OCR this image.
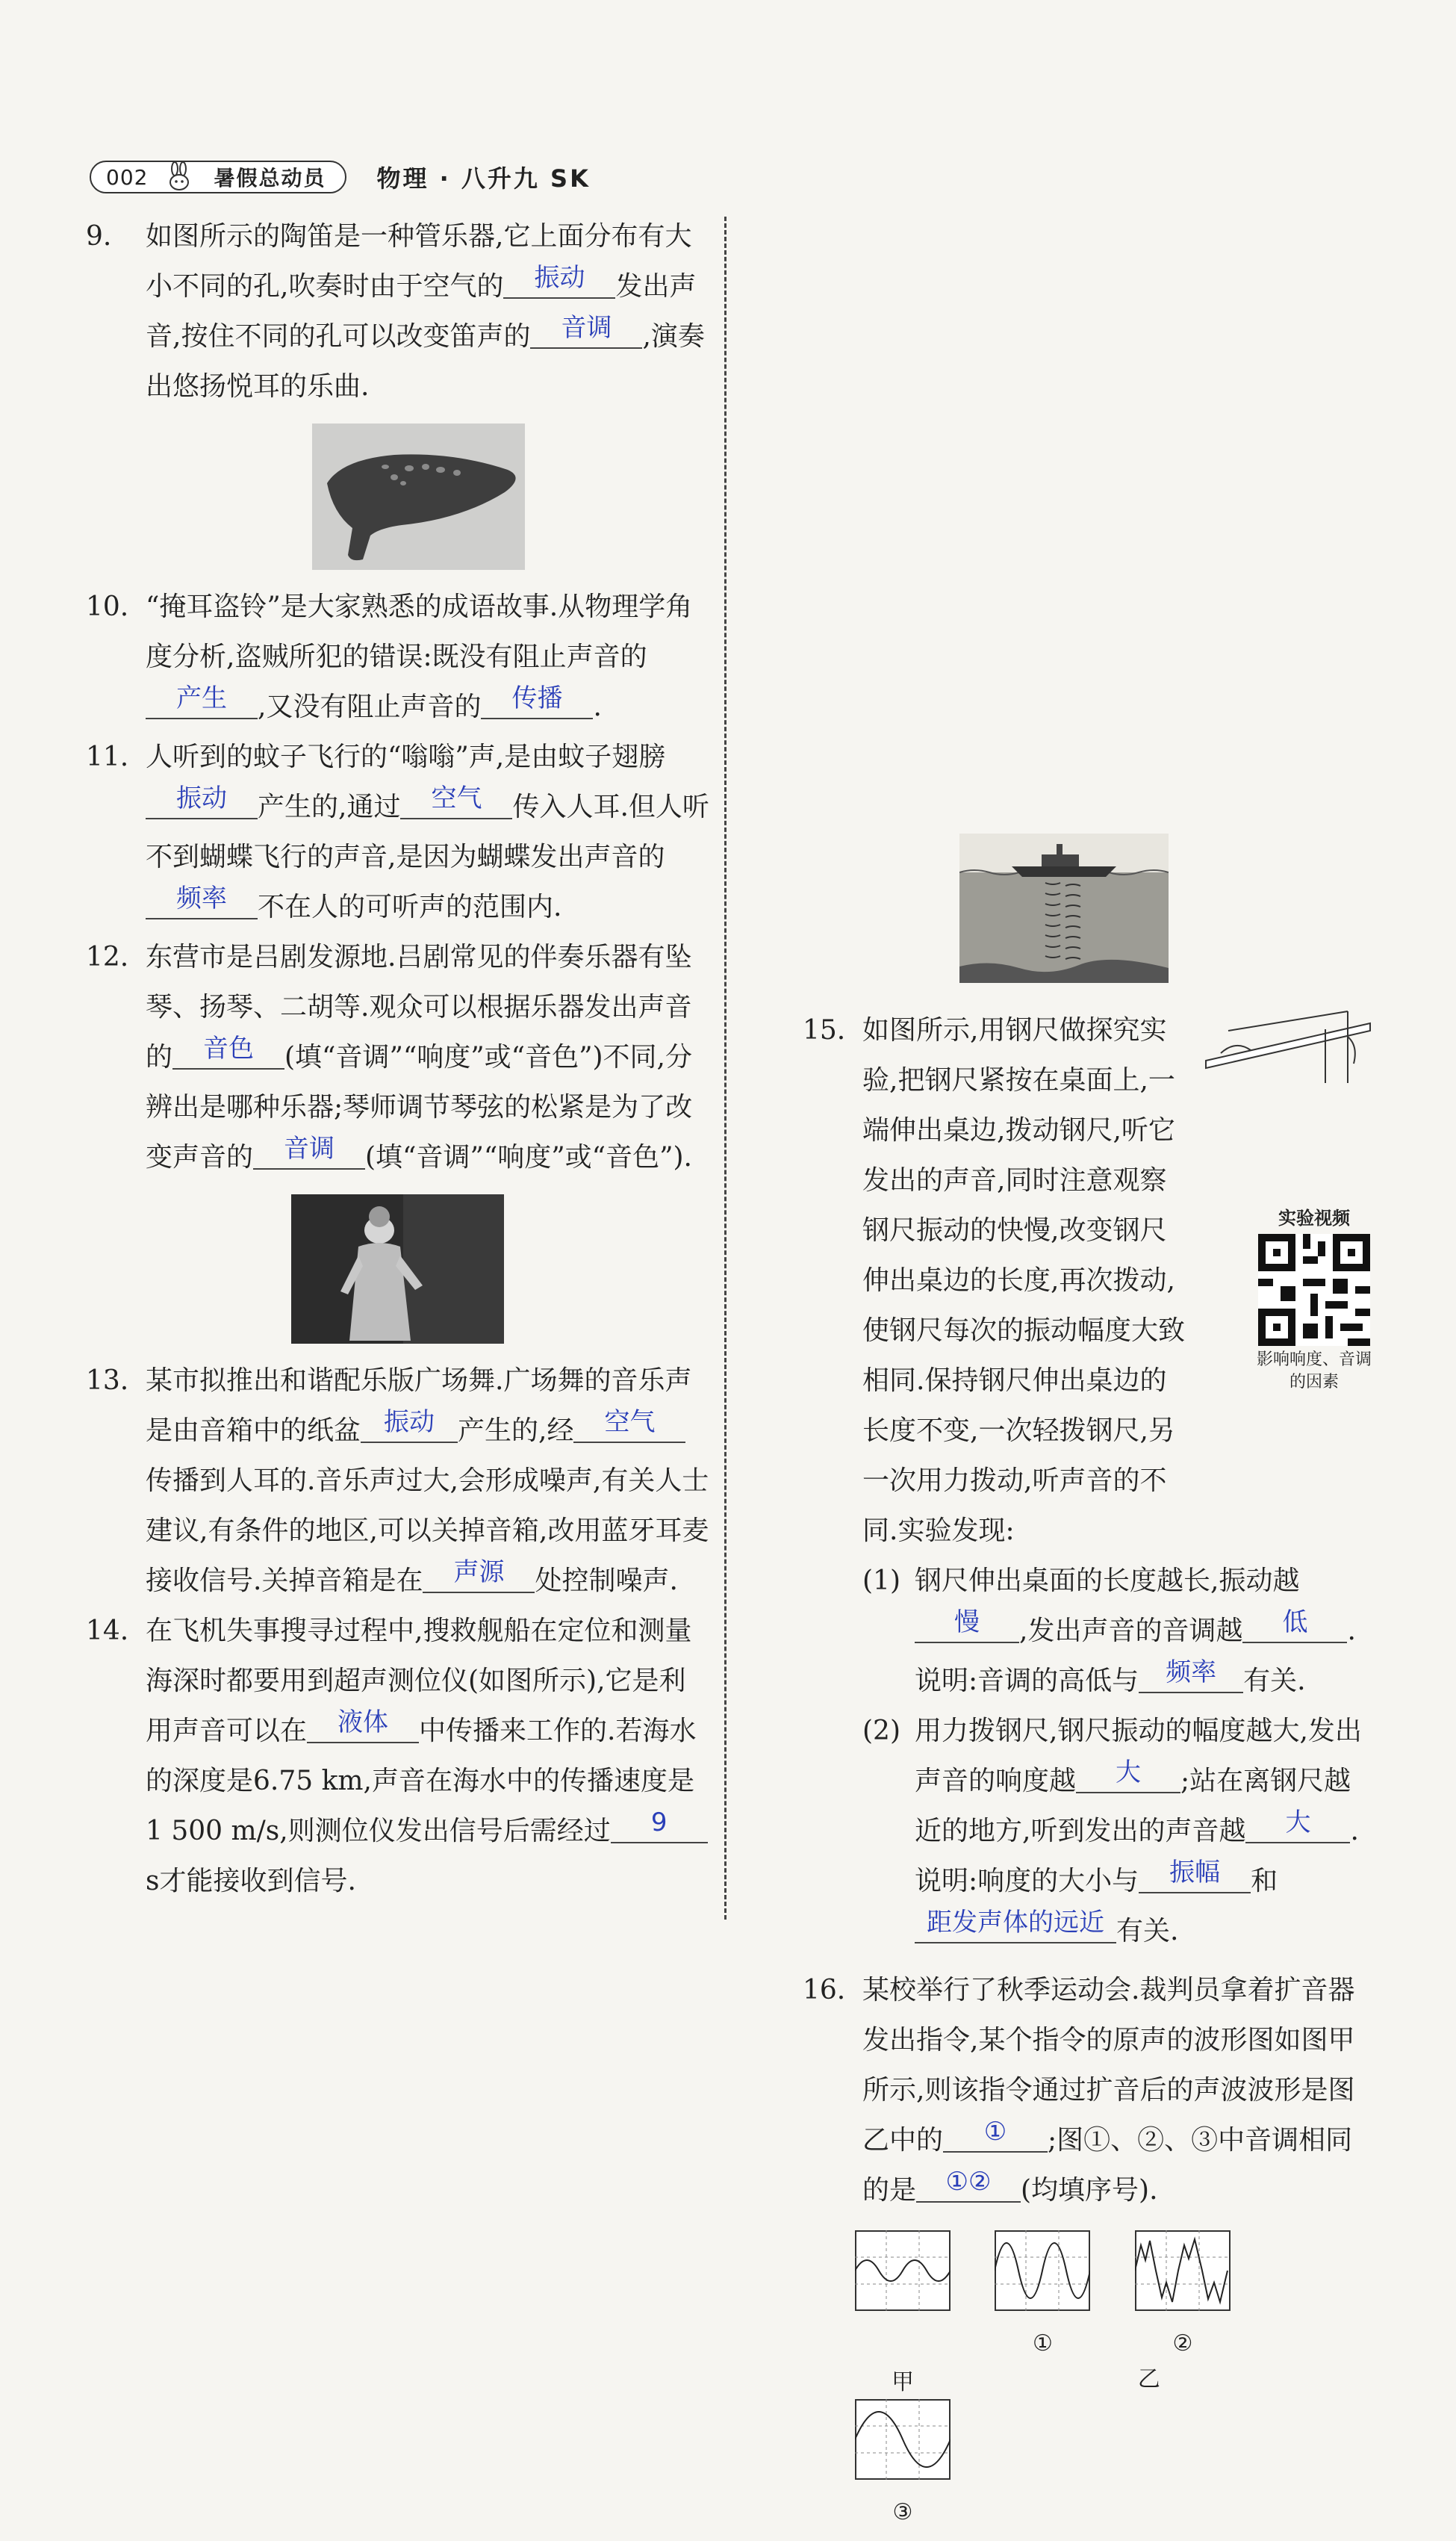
002	暑假总动员 物理 · 八升九 SK
9. 如图所示的陶笛是一种管乐器,它上面分布有大小不同的孔,吹奏时由于空气的 振动 发出声音,按住不同的孔可以改变笛声的 音调 ,演奏出悠扬悦耳的乐曲.

10. “掩耳盗铃”是大家熟悉的成语故事.从物理学角度分析,盗贼所犯的错误:既没有阻止声音的产生 ,又没有阻止声音的 传播 .

11. 人听到的蚊子飞行的“嗡嗡”声,是由蚊子翅膀振动 产生的,通过 空气 传入人耳.但人听不到蝴蝶飞行的声音,是因为蝴蝶发出声音的频率 不在人的可听声的范围内.

12. 东营市是吕剧发源地.吕剧常见的伴奏乐器有坠琴、扬琴、二胡等.观众可以根据乐器发出声音的 音色 (填“音调”“响度”或“音色”)不同,分辨出是哪种乐器;琴师调节琴弦的松紧是为了改变声音的 音调 (填“音调”“响度”或“音色”).

13. 某市拟推出和谐配乐版广场舞.广场舞的音乐声是由音箱中的纸盆 振动 产生的,经 空气传播到人耳的.音乐声过大,会形成噪声,有关人士建议,有条件的地区,可以关掉音箱,改用蓝牙耳麦接收信号.关掉音箱是在 声源 处控制噪声.

14. 在飞机失事搜寻过程中,搜救舰船在定位和测量海深时都要用到超声测位仪(如图所示),它是利用声音可以在 液体 中传播来工作的.若海水的深度是6.75 km,声音在海水中的传播速度是1 500 m/s,则测位仪发出信号后需经过 9s才能接收到信号.

15.
实验视频
影响响度、音调的因素

如图所示,用钢尺做探究实验,把钢尺紧按在桌面上,一端伸出桌边,拨动钢尺,听它发出的声音,同时注意观察钢尺振动的快慢,改变钢尺伸出桌边的长度,再次拨动,使钢尺每次的振动幅度大致相同.保持钢尺伸出桌边的长度不变,一次轻拨钢尺,另一次用力拨动,听声音的不同.实验发现:

(1) 钢尺伸出桌面的长度越长,振动越慢 ,发出声音的音调越 低 .

说明:音调的高低与 频率 有关.

(2) 用力拨钢尺,钢尺振动的幅度越大,发出声音的响度越 大 ;站在离钢尺越近的地方,听到发出的声音越 大 .说明:响度的大小与 振幅 和距发声体的远近 有关.

16. 某校举行了秋季运动会.裁判员拿着扩音器发出指令,某个指令的原声的波形图如图甲所示,则该指令通过扩音后的声波波形是图乙中的 ① ;图①、②、③中音调相同的是 ①② (均填序号).

甲

①
	②
乙

③
